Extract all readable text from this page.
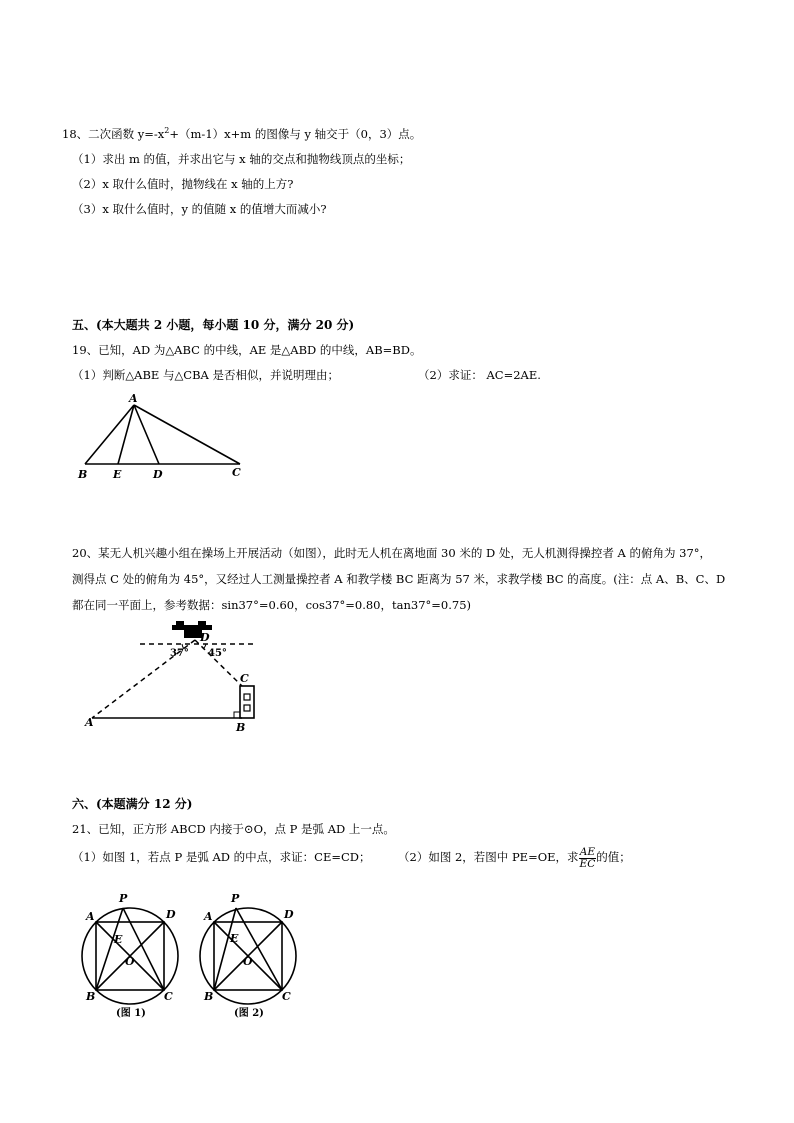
18、二次函数 $y=-x^2+(m-1)x+m$ 的图像与 y 轴交于（0，3）点。
（1）求出 m 的值，并求出它与 x 轴的交点和抛物线顶点的坐标；
（2）x 取什么值时，抛物线在 x 轴的上方?
（3）x 取什么值时，y 的值随 x 的值增大而减小?
五、(本大题共 2 小题，每小题 10 分，满分 20 分)
19、已知，AD 为△ABC 的中线，AE 是△ABD 的中线，AB=BD。
（1）判断△ABE 与△CBA 是否相似，并说明理由；	（2）求证： AC=2AE.
A
B E	D	C
20、某无人机兴趣小组在操场上开展活动（如图），此时无人机在离地面 30 米的 D 处，无人机测得操控者 A 的俯角为 37°，
测得点 C 处的俯角为 45°，又经过人工测量操控者 A 和教学楼 BC 距离为 57 米，求教学楼 BC 的高度。(注：点 A、B、C、D
都在同一平面上，参考数据：sin37°=0.60，cos37°=0.80，tan37°=0.75)
D
37° 45°
C
A	B
六、(本题满分 12 分)
21、已知，正方形 ABCD 内接于⊙O，点 P 是弧 AD 上一点。
（1）如图 1，若点 P 是弧 AD 的中点，求证：CE=CD； （2）如图 2，若图中 PE=OE，求 $\frac{AE}{EC}$ 的值；
P
A	D
E
O
B	C
(图 1)
P
A	D
E
O
B	C
(图 2)
